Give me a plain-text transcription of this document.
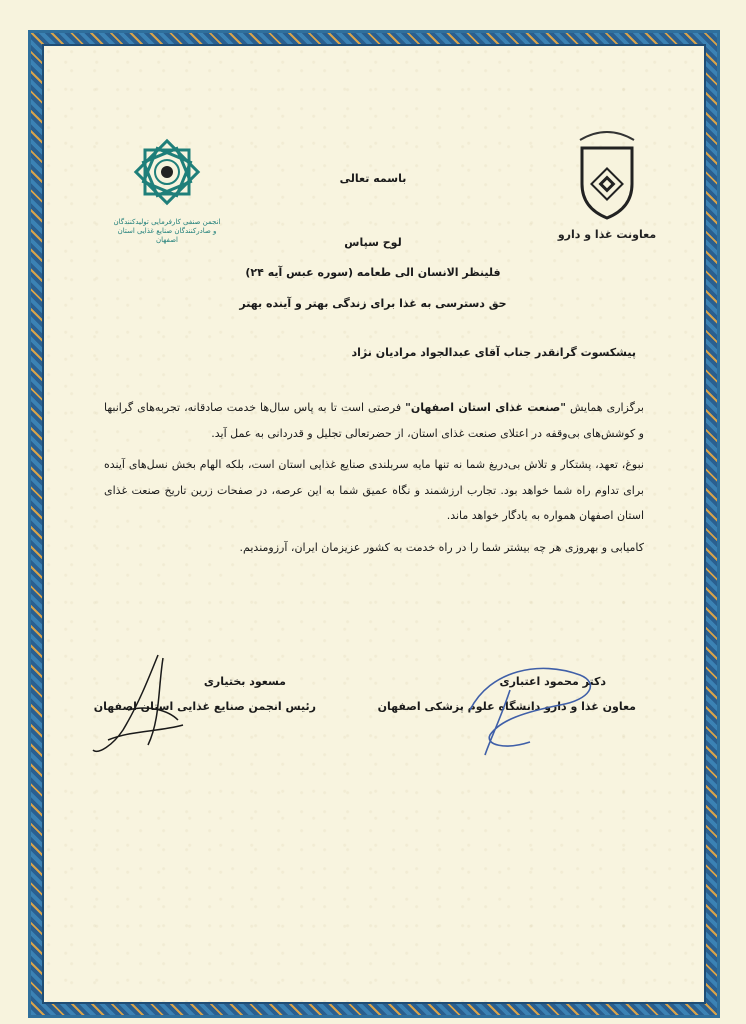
انجمن صنفی کارفرمایی تولیدکنندگان و صادرکنندگان صنایع غذایی استان اصفهان	معاونت غذا و دارو
باسمه تعالی
لوح سپاس
فلینظر الانسان الی طعامه (سوره عبس آیه ۲۴)
حق دسترسی به غذا برای زندگی بهتر و آینده بهتر
پیشکسوت گرانقدر جناب آقای عبدالجواد مرادیان نژاد

برگزاری همایش "صنعت غذای استان اصفهان" فرصتی است تا به پاس سال‌ها خدمت صادقانه، تجربه‌های گرانبها و کوشش‌های بی‌وقفه در اعتلای صنعت غذای استان، از حضرتعالی تجلیل و قدردانی به عمل آید.

نبوغ، تعهد، پشتکار و تلاش بی‌دریغ شما نه تنها مایه سربلندی صنایع غذایی استان است، بلکه الهام بخش نسل‌های آینده برای تداوم راه شما خواهد بود. تجارب ارزشمند و نگاه عمیق شما به این عرصه، در صفحات زرین تاریخ صنعت غذای استان اصفهان همواره به یادگار خواهد ماند.

کامیابی و بهروزی هر چه بیشتر شما را در راه خدمت به کشور عزیزمان ایران، آرزومندیم.

دکتر محمود اعتباری
معاون غذا و دارو دانشگاه علوم پزشکی اصفهان
مسعود بختیاری
رئیس انجمن صنایع غذایی استان اصفهان
